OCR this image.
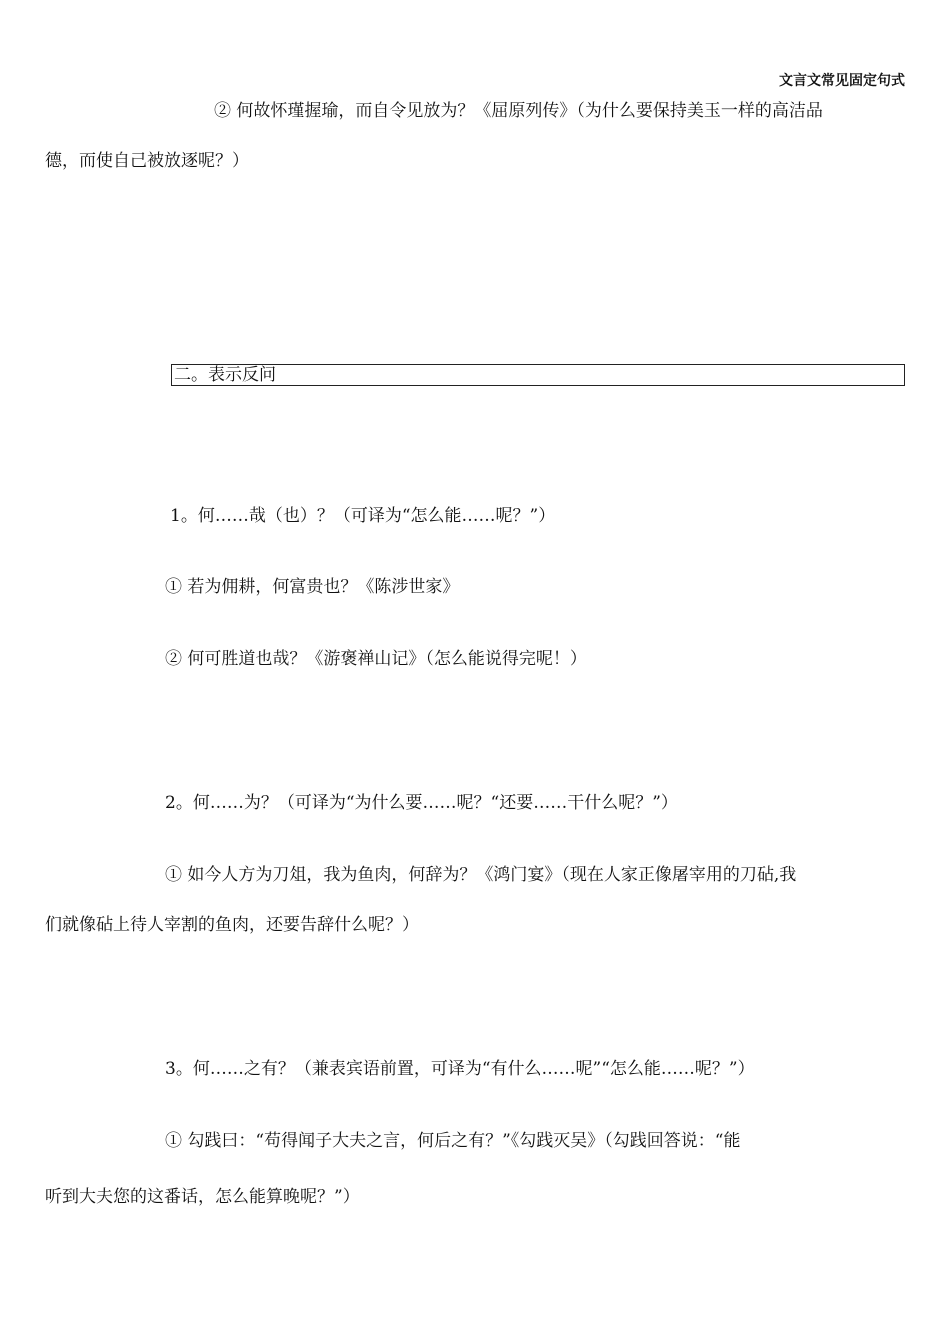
文言文常见固定句式
② 何故怀瑾握瑜，而自令见放为？《屈原列传》（为什么要保持美玉一样的高洁品
德，而使自己被放逐呢？）
二。表示反问
1。何……哉（也）？（可译为“怎么能……呢？”）
① 若为佣耕，何富贵也？《陈涉世家》
② 何可胜道也哉？《游褒禅山记》（怎么能说得完呢！）
2。何……为？（可译为“为什么要……呢？“还要……干什么呢？”）
① 如今人方为刀俎，我为鱼肉，何辞为？《鸿门宴》（现在人家正像屠宰用的刀砧,我
们就像砧上待人宰割的鱼肉，还要告辞什么呢？）
3。何……之有？（兼表宾语前置，可译为“有什么……呢”“怎么能……呢？”）
① 勾践曰：“苟得闻子大夫之言，何后之有？”《勾践灭吴》（勾践回答说：“能
听到大夫您的这番话，怎么能算晚呢？”）
